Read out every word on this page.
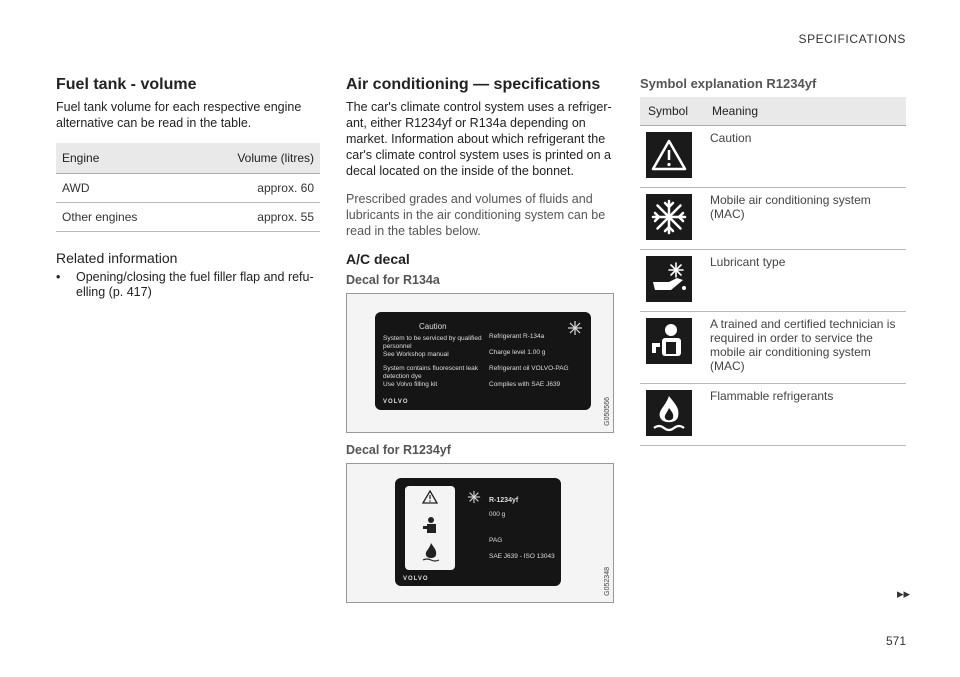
SPECIFICATIONS
Fuel tank - volume

Fuel tank volume for each respective engine alternative can be read in the table.

Engine	Volume (litres)
AWD	approx. 60
Other engines	approx. 55
Related information
•	Opening/closing the fuel filler flap and refu-elling (p. 417)
Air conditioning — specifications

The car's climate control system uses a refriger-ant, either R1234yf or R134a depending on market. Information about which refrigerant the car's climate control system uses is printed on a decal located on the inside of the bonnet.

Prescribed grades and volumes of fluids and lubricants in the air conditioning system can be read in the tables below.

A/C decal
Decal for R134a
Caution
System to be serviced by qualified
personnel
See Workshop manual
System contains fluorescent leak
detection dye
Use Volvo filling kit
Refrigerant R-134a
Charge level 1.00 g
Refrigerant oil VOLVO-PAG
Complies with SAE J639
VOLVO	G050566
Decal for R1234yf
R-1234yf
000 g
PAG
SAE J639 - ISO 13043
VOLVO	G052348
Symbol explanation R1234yf
Symbol	Meaning

	Caution

	Mobile air conditioning system (MAC)

	Lubricant type

	A trained and certified technician is required in order to service the mobile air conditioning system (MAC)

	Flammable refrigerants
▸▸
571
